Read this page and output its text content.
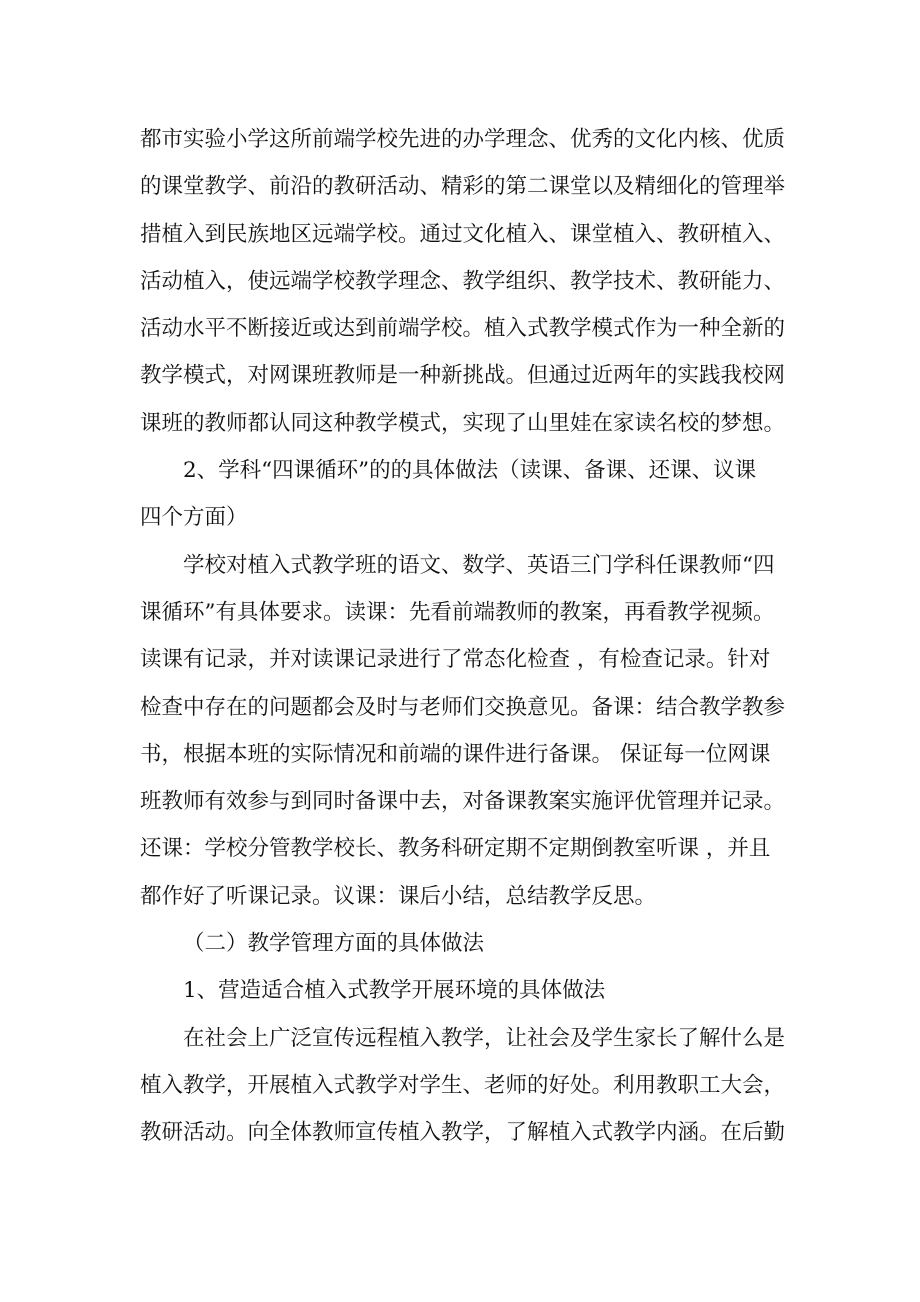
都市实验小学这所前端学校先进的办学理念、优秀的文化内核、优质
的课堂教学、前沿的教研活动、精彩的第二课堂以及精细化的管理举
措植入到民族地区远端学校。通过文化植入、课堂植入、教研植入、
活动植入，使远端学校教学理念、教学组织、教学技术、教研能力、
活动水平不断接近或达到前端学校。植入式教学模式作为一种全新的
教学模式，对网课班教师是一种新挑战。但通过近两年的实践我校网
课班的教师都认同这种教学模式，实现了山里娃在家读名校的梦想。
2、学科“四课循环”的的具体做法（读课、备课、还课、议课
四个方面）
学校对植入式教学班的语文、数学、英语三门学科任课教师“四
课循环”有具体要求。读课：先看前端教师的教案，再看教学视频。
读课有记录，并对读课记录进行了常态化检查 ，有检查记录。针对
检查中存在的问题都会及时与老师们交换意见。备课：结合教学教参
书，根据本班的实际情况和前端的课件进行备课。 保证每一位网课
班教师有效参与到同时备课中去，对备课教案实施评优管理并记录。
还课：学校分管教学校长、教务科研定期不定期倒教室听课 ，并且
都作好了听课记录。议课：课后小结，总结教学反思。
（二）教学管理方面的具体做法
1、营造适合植入式教学开展环境的具体做法
在社会上广泛宣传远程植入教学，让社会及学生家长了解什么是
植入教学，开展植入式教学对学生、老师的好处。利用教职工大会，
教研活动。向全体教师宣传植入教学，了解植入式教学内涵。在后勤
